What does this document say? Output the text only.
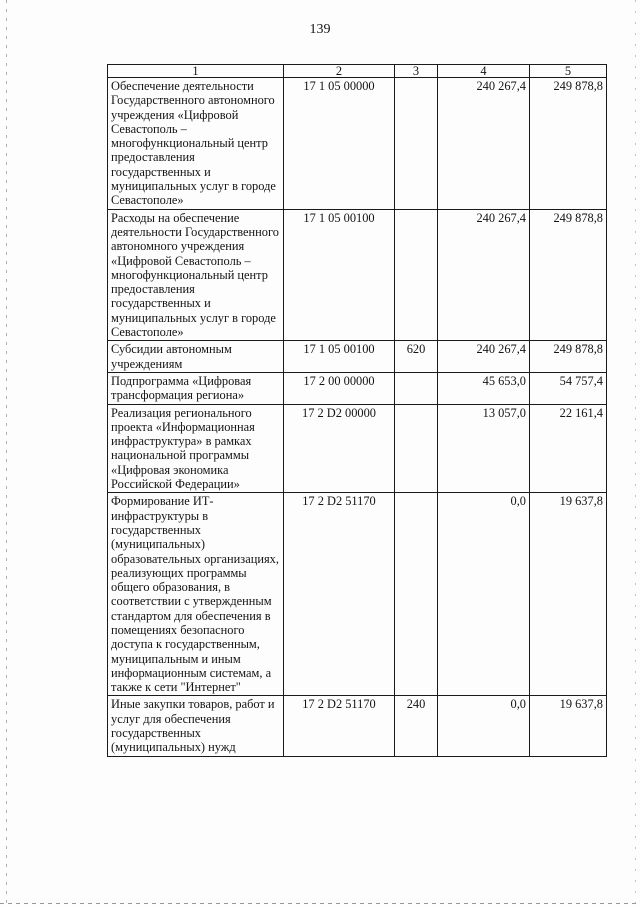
139
1	2	3	4	5
Обеспечение деятельности Государственного автономного учреждения «Цифровой Севастополь – многофункциональный центр предоставления государственных и муниципальных услуг в городе Севастополе»	17 1 05 00000		240 267,4	249 878,8
Расходы на обеспечение деятельности Государственного автономного учреждения «Цифровой Севастополь – многофункциональный центр предоставления государственных и муниципальных услуг в городе Севастополе»	17 1 05 00100		240 267,4	249 878,8
Субсидии автономным учреждениям	17 1 05 00100	620	240 267,4	249 878,8
Подпрограмма «Цифровая трансформация региона»	17 2 00 00000		45 653,0	54 757,4
Реализация регионального проекта «Информационная инфраструктура» в рамках национальной программы «Цифровая экономика Российской Федерации»	17 2 D2 00000		13 057,0	22 161,4
Формирование ИТ-инфраструктуры в государственных (муниципальных) образовательных организациях, реализующих программы общего образования, в соответствии с утвержденным стандартом для обеспечения в помещениях безопасного доступа к государственным, муниципальным и иным информационным системам, а также к сети "Интернет"	17 2 D2 51170		0,0	19 637,8
Иные закупки товаров, работ и услуг для обеспечения государственных (муниципальных) нужд	17 2 D2 51170	240	0,0	19 637,8
